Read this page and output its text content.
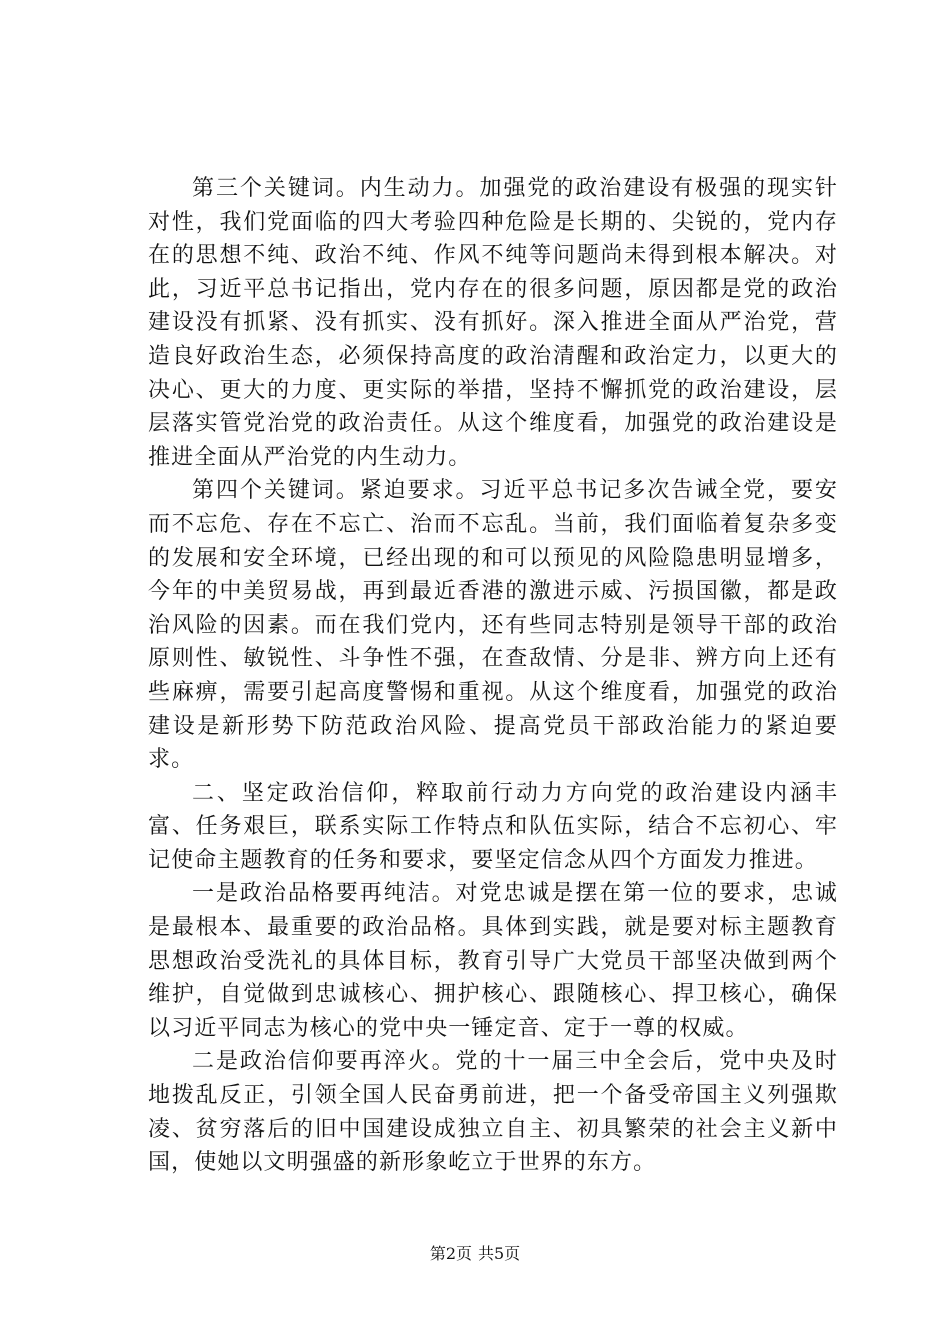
第三个关键词。内生动力。加强党的政治建设有极强的现实针对性，我们党面临的四大考验四种危险是长期的、尖锐的，党内存在的思想不纯、政治不纯、作风不纯等问题尚未得到根本解决。对此，习近平总书记指出，党内存在的很多问题，原因都是党的政治建设没有抓紧、没有抓实、没有抓好。深入推进全面从严治党，营造良好政治生态，必须保持高度的政治清醒和政治定力，以更大的决心、更大的力度、更实际的举措，坚持不懈抓党的政治建设，层层落实管党治党的政治责任。从这个维度看，加强党的政治建设是推进全面从严治党的内生动力。

第四个关键词。紧迫要求。习近平总书记多次告诫全党，要安而不忘危、存在不忘亡、治而不忘乱。当前，我们面临着复杂多变的发展和安全环境，已经出现的和可以预见的风险隐患明显增多，今年的中美贸易战，再到最近香港的激进示威、污损国徽，都是政治风险的因素。而在我们党内，还有些同志特别是领导干部的政治原则性、敏锐性、斗争性不强，在查敌情、分是非、辨方向上还有些麻痹，需要引起高度警惕和重视。从这个维度看，加强党的政治建设是新形势下防范政治风险、提高党员干部政治能力的紧迫要求。

二、坚定政治信仰，粹取前行动力方向党的政治建设内涵丰富、任务艰巨，联系实际工作特点和队伍实际，结合不忘初心、牢记使命主题教育的任务和要求，要坚定信念从四个方面发力推进。

一是政治品格要再纯洁。对党忠诚是摆在第一位的要求，忠诚是最根本、最重要的政治品格。具体到实践，就是要对标主题教育思想政治受洗礼的具体目标，教育引导广大党员干部坚决做到两个维护，自觉做到忠诚核心、拥护核心、跟随核心、捍卫核心，确保以习近平同志为核心的党中央一锤定音、定于一尊的权威。

二是政治信仰要再淬火。党的十一届三中全会后，党中央及时地拨乱反正，引领全国人民奋勇前进，把一个备受帝国主义列强欺凌、贫穷落后的旧中国建设成独立自主、初具繁荣的社会主义新中国，使她以文明强盛的新形象屹立于世界的东方。

第2页 共5页
